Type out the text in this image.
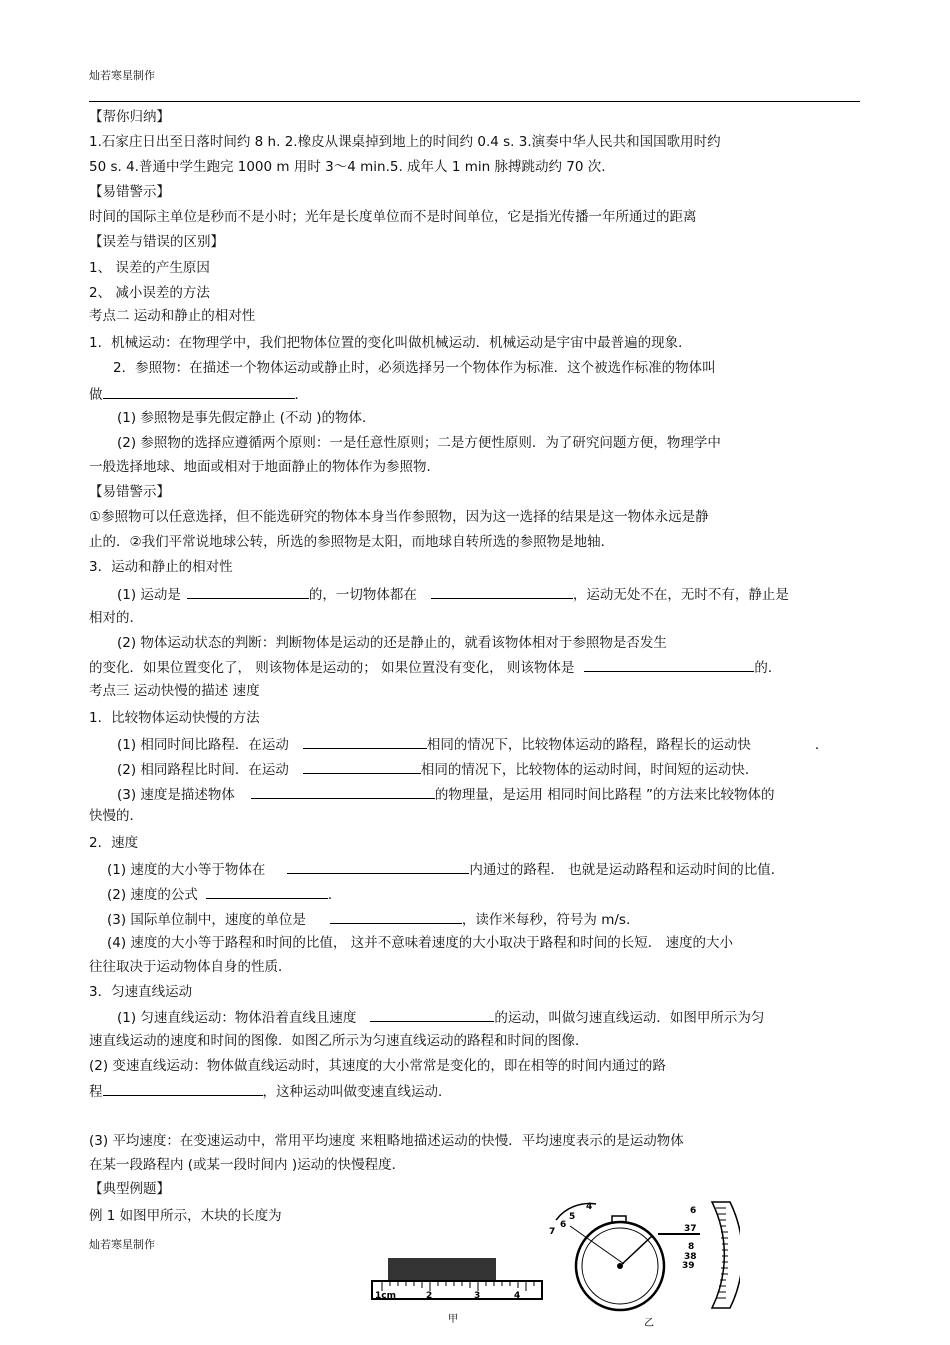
灿若寒星制作
【帮你归纳】
1.石家庄日出至日落时间约 8 h. 2.橡皮从课桌掉到地上的时间约 0.4 s. 3.演奏中华人民共和国国歌用时约
50 s. 4.普通中学生跑完 1000 m 用时 3～4 min.5. 成年人 1 min 脉搏跳动约 70 次.
【易错警示】
时间的国际主单位是秒而不是小时；光年是长度单位而不是时间单位，它是指光传播一年所通过的距离
【误差与错误的区别】
1、 误差的产生原因
2、 减小误差的方法
考点二 运动和静止的相对性
1．机械运动：在物理学中，我们把物体位置的变化叫做机械运动．机械运动是宇宙中最普遍的现象．
2．参照物：在描述一个物体运动或静止时，必须选择另一个物体作为标准．这个被选作标准的物体叫
做	．
(1) 参照物是事先假定静止 (不动 )的物体．
(2) 参照物的选择应遵循两个原则：一是任意性原则；二是方便性原则．为了研究问题方便，物理学中
一般选择地球、地面或相对于地面静止的物体作为参照物．
【易错警示】
①参照物可以任意选择，但不能选研究的物体本身当作参照物，因为这一选择的结果是这一物体永远是静
止的．②我们平常说地球公转，所选的参照物是太阳，而地球自转所选的参照物是地轴．
3．运动和静止的相对性
(1) 运动是	的，一切物体都在	，运动无处不在，无时不有，静止是
相对的．
(2) 物体运动状态的判断：判断物体是运动的还是静止的，就看该物体相对于参照物是否发生
的变化．如果位置变化了， 则该物体是运动的； 如果位置没有变化， 则该物体是	的．
考点三 运动快慢的描述 速度
1．比较物体运动快慢的方法
(1) 相同时间比路程．在运动	相同的情况下，比较物体运动的路程，路程长的运动快	．
(2) 相同路程比时间．在运动	相同的情况下，比较物体的运动时间，时间短的运动快．
(3) 速度是描述物体	的物理量，是运用 相同时间比路程 ”的方法来比较物体的
快慢的．
2．速度
(1) 速度的大小等于物体在	内通过的路程． 也就是运动路程和运动时间的比值．
(2) 速度的公式	．
(3) 国际单位制中，速度的单位是	，读作米每秒，符号为 m/s.
(4) 速度的大小等于路程和时间的比值， 这并不意味着速度的大小取决于路程和时间的长短． 速度的大小
往往取决于运动物体自身的性质．
3．匀速直线运动
(1) 匀速直线运动：物体沿着直线且速度	的运动，叫做匀速直线运动．如图甲所示为匀
速直线运动的速度和时间的图像．如图乙所示为匀速直线运动的路程和时间的图像．
(2) 变速直线运动：物体做直线运动时，其速度的大小常常是变化的，即在相等的时间内通过的路
程	，这种运动叫做变速直线运动．
(3) 平均速度：在变速运动中，常用平均速度 来粗略地描述运动的快慢．平均速度表示的是运动物体
在某一段路程内 (或某一段时间内 )运动的快慢程度．
【典型例题】
例 1 如图甲所示，木块的长度为
灿若寒星制作
1cm	2	3	4
甲
4
5
6
7
6
37
8
38
39
乙
